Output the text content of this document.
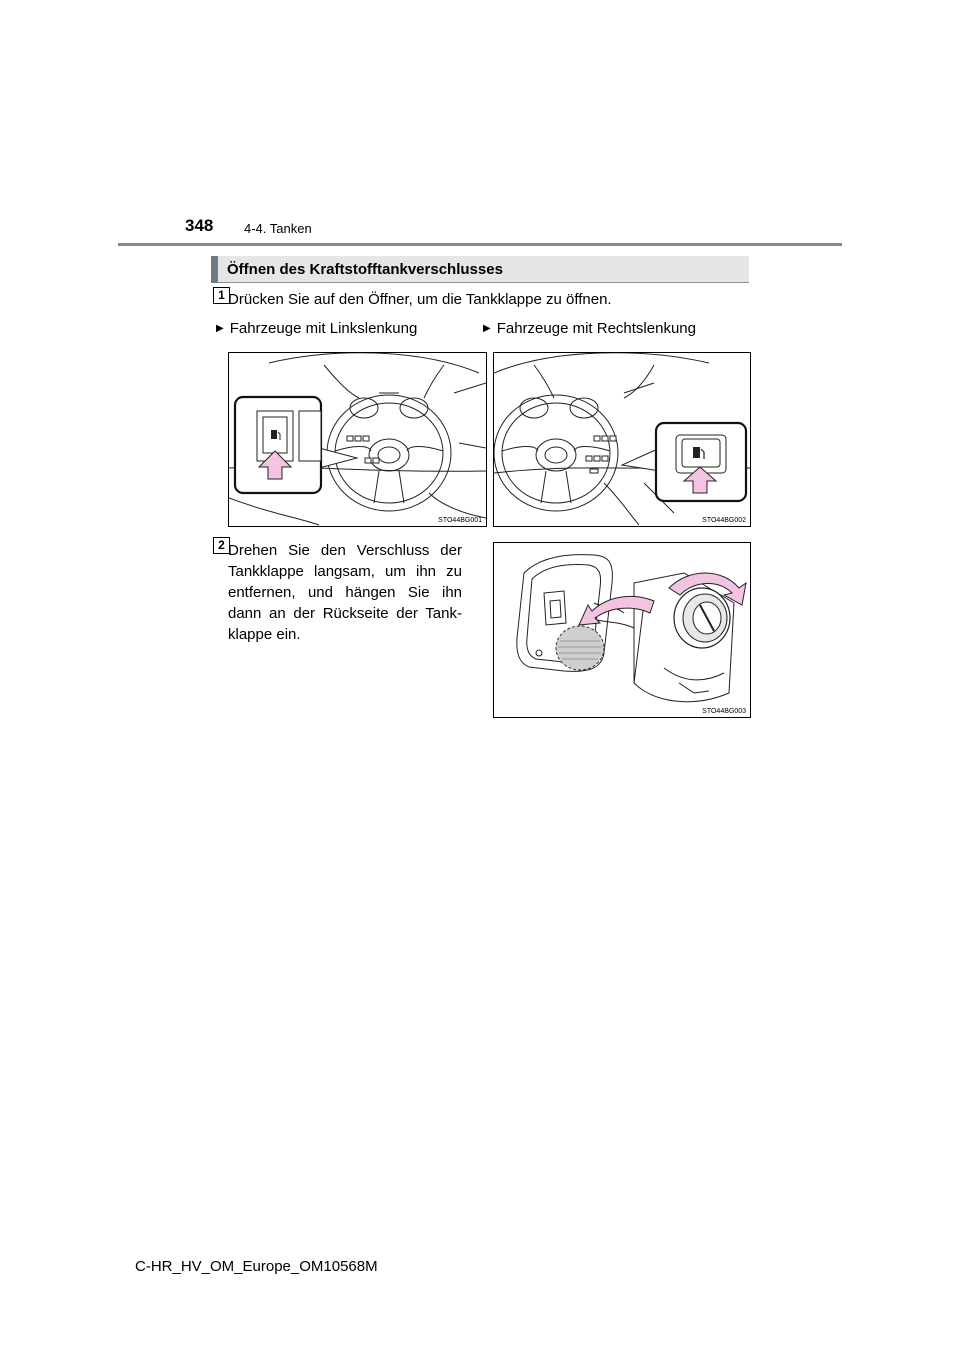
348 4-4. Tanken
Öffnen des Kraftstofftankverschlusses
1 Drücken Sie auf den Öffner, um die Tankklappe zu öffnen.
▶ Fahrzeuge mit Linkslenkung	▶ Fahrzeuge mit Rechtslenkung
STO44BG001	STO44BG002
2 Drehen Sie den Verschluss der Tankklappe langsam, um ihn zu entfernen, und hängen Sie ihn dann an der Rückseite der Tank-klappe ein.
STO44BG003
C-HR_HV_OM_Europe_OM10568M
